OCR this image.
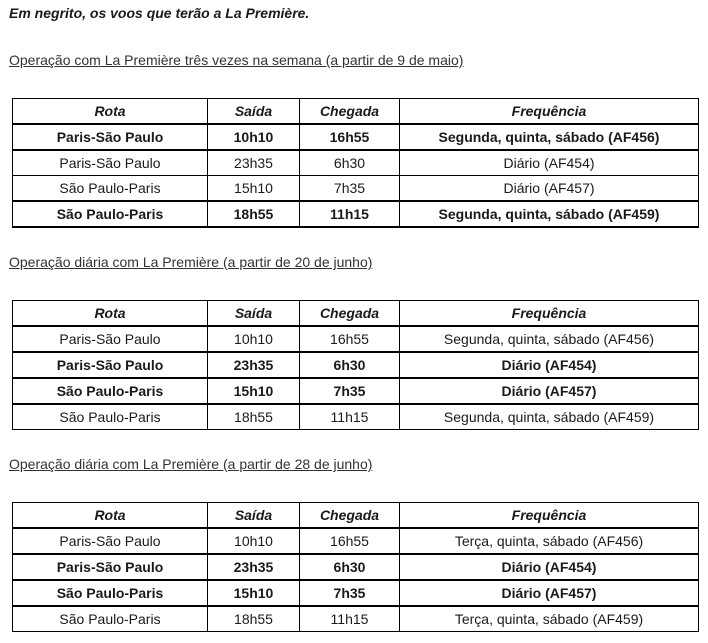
Em negrito, os voos que terão a La Première.

Operação com La Première três vezes na semana (a partir de 9 de maio)

Rota	Saída	Chegada	Frequência
Paris-São Paulo	10h10	16h55	Segunda, quinta, sábado (AF456)
Paris-São Paulo	23h35	6h30	Diário (AF454)
São Paulo-Paris	15h10	7h35	Diário (AF457)
São Paulo-Paris	18h55	11h15	Segunda, quinta, sábado (AF459)

Operação diária com La Première (a partir de 20 de junho)

Rota	Saída	Chegada	Frequência
Paris-São Paulo	10h10	16h55	Segunda, quinta, sábado (AF456)
Paris-São Paulo	23h35	6h30	Diário (AF454)
São Paulo-Paris	15h10	7h35	Diário (AF457)
São Paulo-Paris	18h55	11h15	Segunda, quinta, sábado (AF459)

Operação diária com La Première (a partir de 28 de junho)

Rota	Saída	Chegada	Frequência
Paris-São Paulo	10h10	16h55	Terça, quinta, sábado (AF456)
Paris-São Paulo	23h35	6h30	Diário (AF454)
São Paulo-Paris	15h10	7h35	Diário (AF457)
São Paulo-Paris	18h55	11h15	Terça, quinta, sábado (AF459)
